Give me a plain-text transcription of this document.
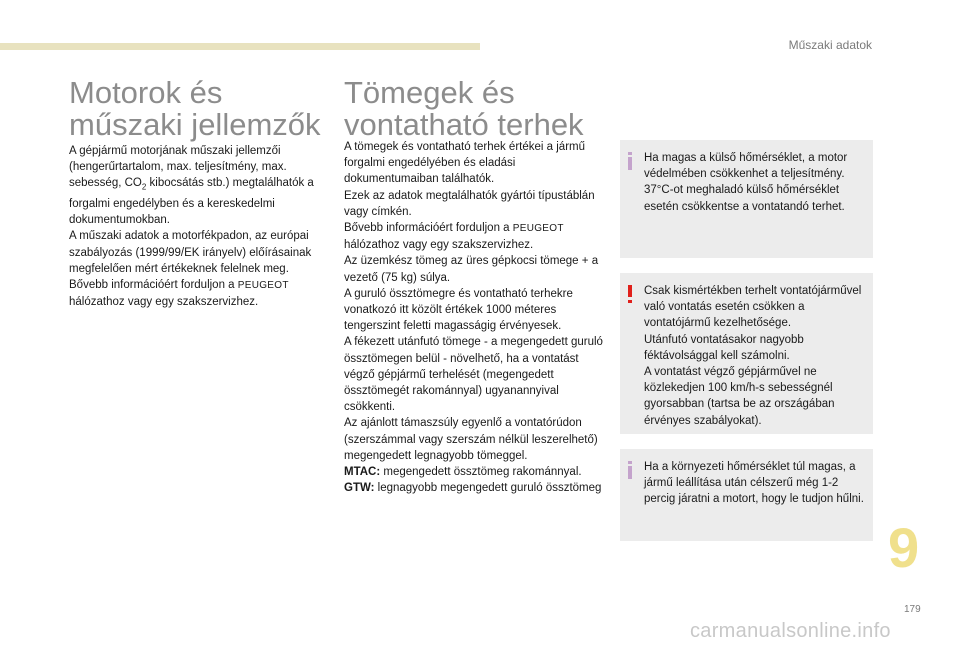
Műszaki adatok
Motorok és műszaki jellemzők

A gépjármű motorjának műszaki jellemzői (hengerűrtartalom, max. teljesítmény, max. sebesség, $CO_2$ kibocsátás stb.) megtalálhatók a forgalmi engedélyben és a kereskedelmi dokumentumokban.

A műszaki adatok a motorfékpadon, az európai szabályozás (1999/99/EK irányelv) előírásainak megfelelően mért értékeknek felelnek meg.

Bővebb információért forduljon a PEUGEOT hálózathoz vagy egy szakszervizhez.

Tömegek és vontatható terhek

A tömegek és vontatható terhek értékei a jármű forgalmi engedélyében és eladási dokumentumaiban találhatók.

Ezek az adatok megtalálhatók gyártói típustáblán vagy címkén.

Bővebb információért forduljon a PEUGEOT hálózathoz vagy egy szakszervizhez.

Az üzemkész tömeg az üres gépkocsi tömege + a vezető (75 kg) súlya.

A guruló össztömegre és vontatható terhekre vonatkozó itt közölt értékek 1000 méteres tengerszint feletti magasságig érvényesek.

A fékezett utánfutó tömege - a megengedett guruló össztömegen belül - növelhető, ha a vontatást végző gépjármű terhelését (megengedett össztömegét rakománnyal) ugyanannyival csökkenti.

Az ajánlott támaszsúly egyenlő a vontatórúdon (szerszámmal vagy szerszám nélkül leszerelhető) megengedett legnagyobb tömeggel.

MTAC: megengedett össztömeg rakománnyal.

GTW: legnagyobb megengedett guruló össztömeg

Ha magas a külső hőmérséklet, a motor védelmében csökkenhet a teljesítmény. 37°C-ot meghaladó külső hőmérséklet esetén csökkentse a vontatandó terhet.

Csak kismértékben terhelt vontatójárművel való vontatás esetén csökken a vontatójármű kezelhetősége.

Utánfutó vontatásakor nagyobb féktávolsággal kell számolni.

A vontatást végző gépjárművel ne közlekedjen 100 km/h-s sebességnél gyorsabban (tartsa be az országában érvényes szabályokat).

Ha a környezeti hőmérséklet túl magas, a jármű leállítása után célszerű még 1-2 percig járatni a motort, hogy le tudjon hűlni.

9
179
carmanualsonline.info
